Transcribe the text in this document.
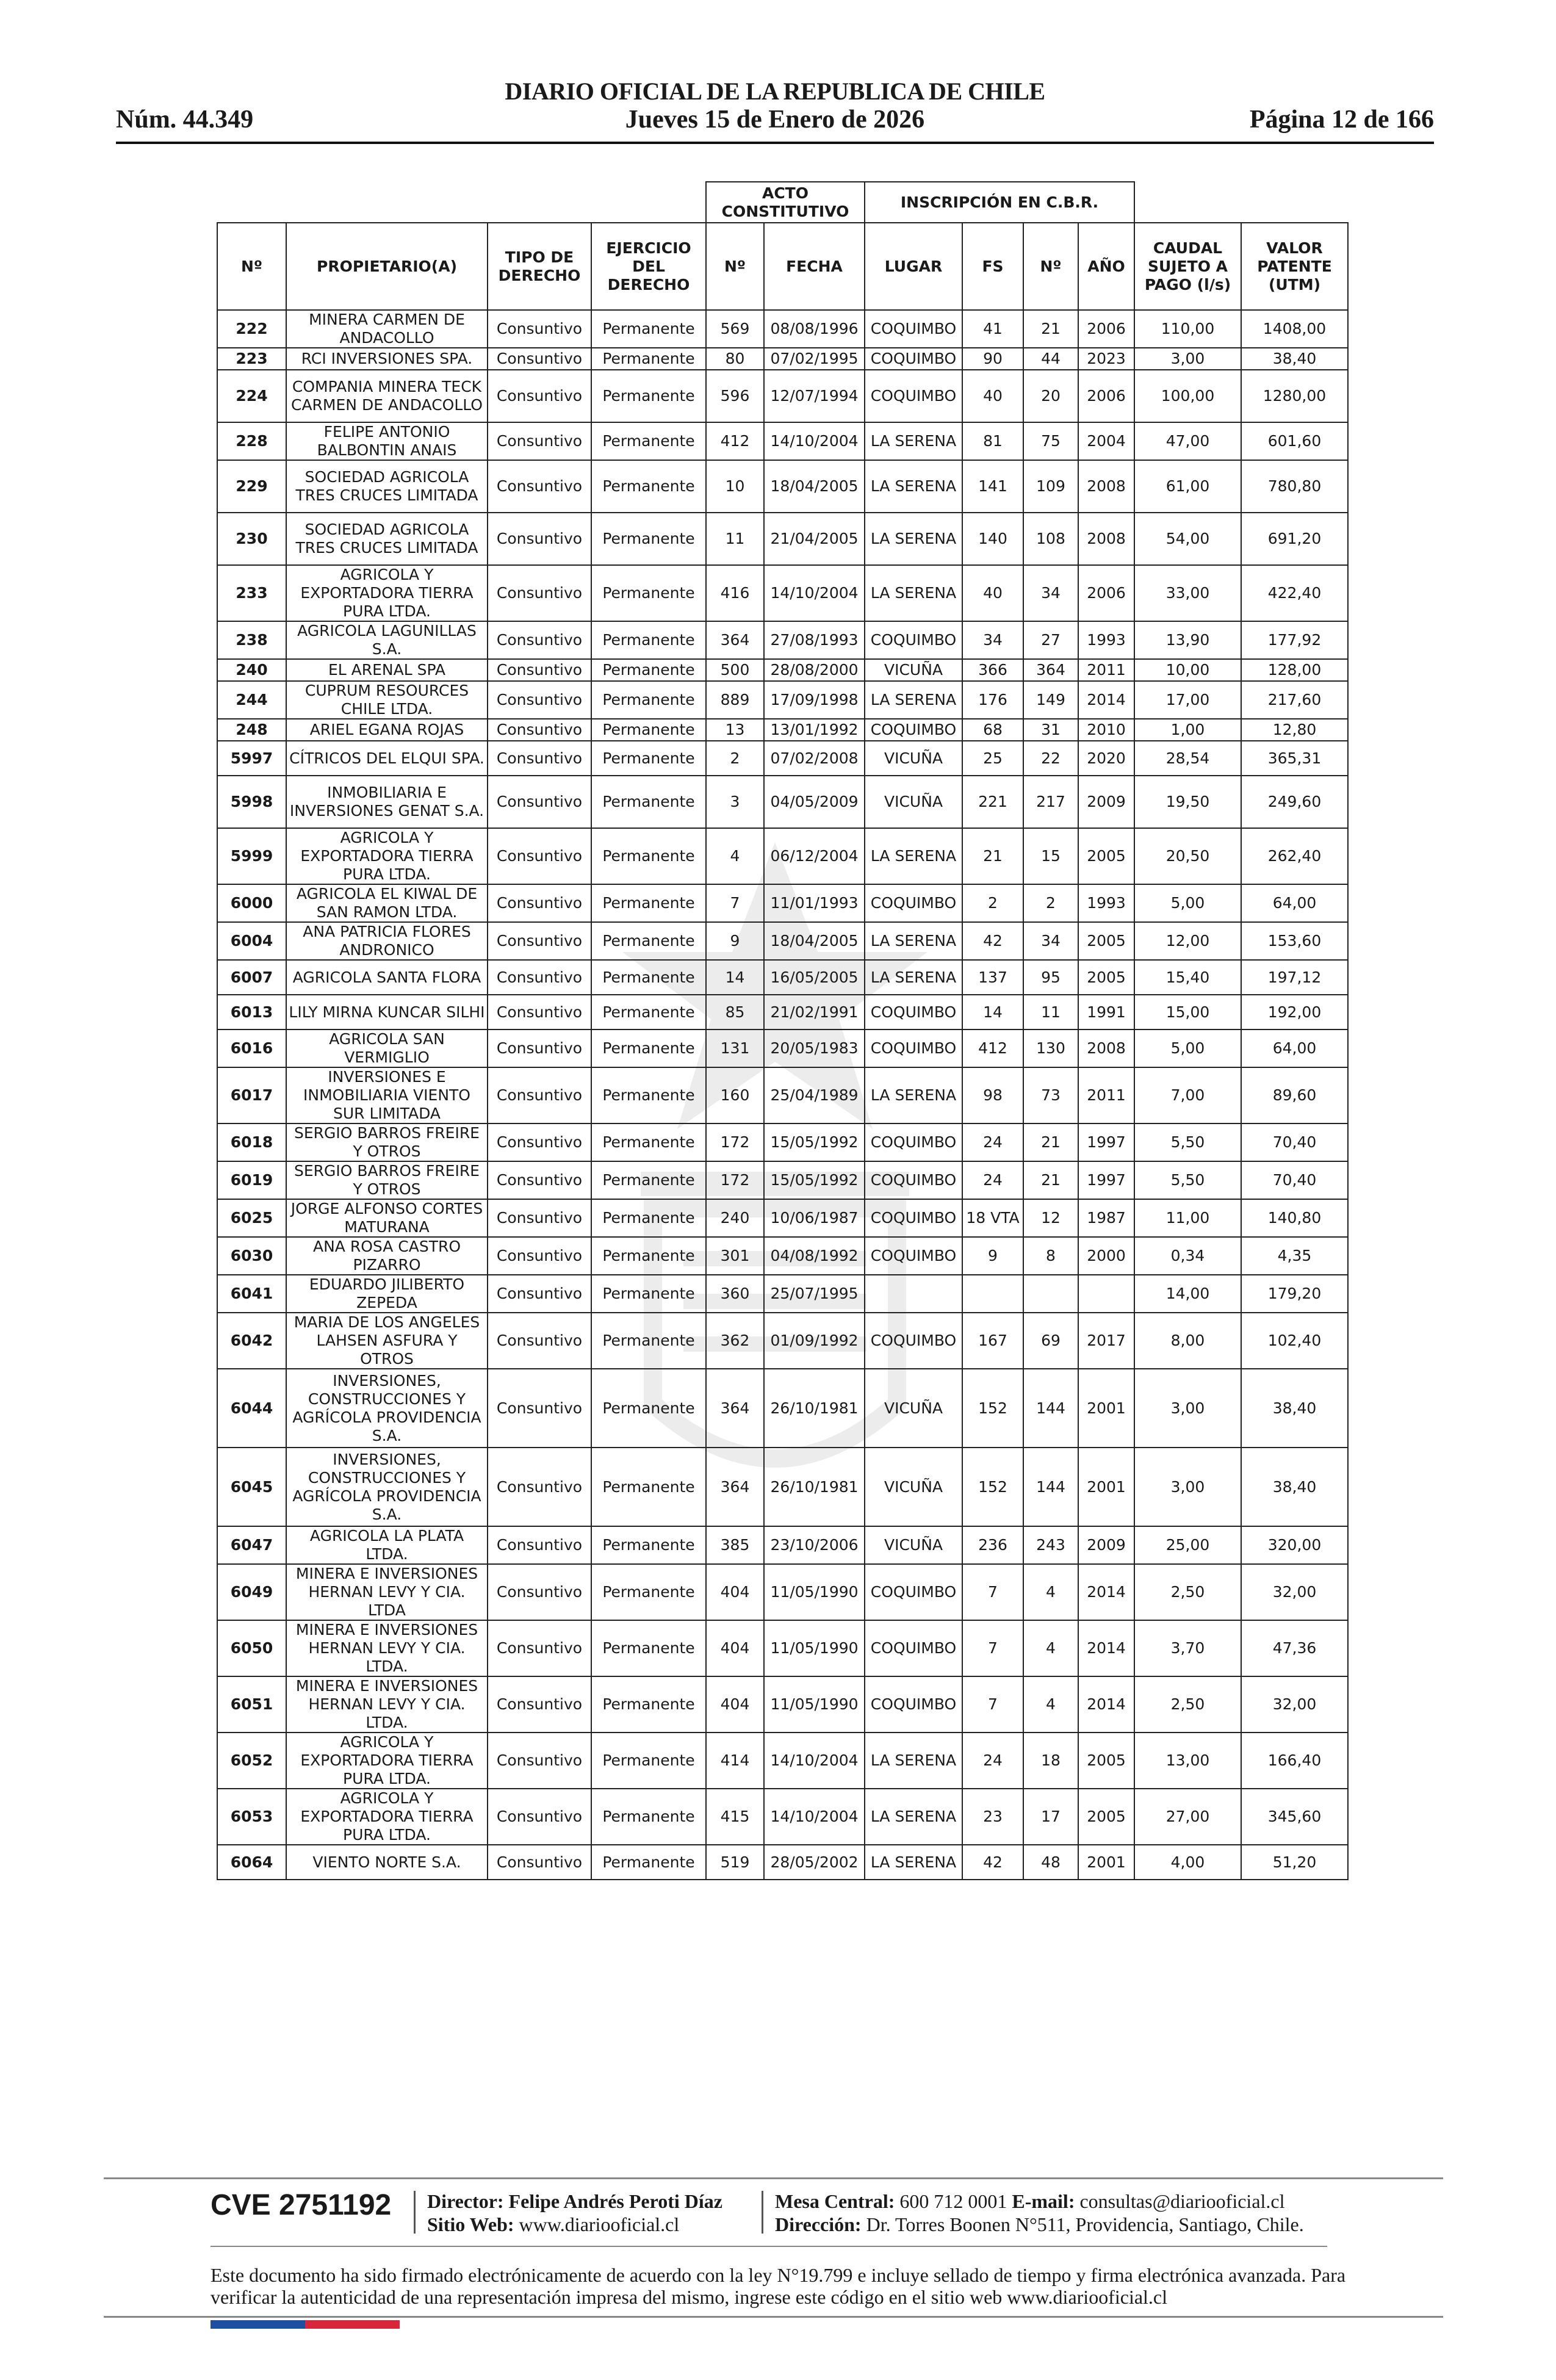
DIARIO OFICIAL DE LA REPUBLICA DE CHILE
Núm. 44.349	Jueves 15 de Enero de 2026	Página 12 de 166
				ACTO CONSTITUTIVO		INSCRIPCIÓN EN C.B.R.					
Nº	PROPIETARIO(A)	TIPO DE DERECHO	EJERCICIO DEL DERECHO	Nº	FECHA	LUGAR	FS	Nº	AÑO	CAUDAL SUJETO A PAGO (l/s)	VALOR PATENTE (UTM)
222	MINERA CARMEN DE ANDACOLLO	Consuntivo	Permanente	569	08/08/1996	COQUIMBO	41	21	2006	110,00	1408,00
223	RCI INVERSIONES SPA.	Consuntivo	Permanente	80	07/02/1995	COQUIMBO	90	44	2023	3,00	38,40
224	COMPANIA MINERA TECK CARMEN DE ANDACOLLO	Consuntivo	Permanente	596	12/07/1994	COQUIMBO	40	20	2006	100,00	1280,00
228	FELIPE ANTONIO BALBONTIN ANAIS	Consuntivo	Permanente	412	14/10/2004	LA SERENA	81	75	2004	47,00	601,60
229	SOCIEDAD AGRICOLA TRES CRUCES LIMITADA	Consuntivo	Permanente	10	18/04/2005	LA SERENA	141	109	2008	61,00	780,80
230	SOCIEDAD AGRICOLA TRES CRUCES LIMITADA	Consuntivo	Permanente	11	21/04/2005	LA SERENA	140	108	2008	54,00	691,20
233	AGRICOLA Y EXPORTADORA TIERRA PURA LTDA.	Consuntivo	Permanente	416	14/10/2004	LA SERENA	40	34	2006	33,00	422,40
238	AGRICOLA LAGUNILLAS S.A.	Consuntivo	Permanente	364	27/08/1993	COQUIMBO	34	27	1993	13,90	177,92
240	EL ARENAL SPA	Consuntivo	Permanente	500	28/08/2000	VICUÑA	366	364	2011	10,00	128,00
244	CUPRUM RESOURCES CHILE LTDA.	Consuntivo	Permanente	889	17/09/1998	LA SERENA	176	149	2014	17,00	217,60
248	ARIEL EGANA ROJAS	Consuntivo	Permanente	13	13/01/1992	COQUIMBO	68	31	2010	1,00	12,80
5997	CÍTRICOS DEL ELQUI SPA.	Consuntivo	Permanente	2	07/02/2008	VICUÑA	25	22	2020	28,54	365,31
5998	INMOBILIARIA E INVERSIONES GENAT S.A.	Consuntivo	Permanente	3	04/05/2009	VICUÑA	221	217	2009	19,50	249,60
5999	AGRICOLA Y EXPORTADORA TIERRA PURA LTDA.	Consuntivo	Permanente	4	06/12/2004	LA SERENA	21	15	2005	20,50	262,40
6000	AGRICOLA EL KIWAL DE SAN RAMON LTDA.	Consuntivo	Permanente	7	11/01/1993	COQUIMBO	2	2	1993	5,00	64,00
6004	ANA PATRICIA FLORES ANDRONICO	Consuntivo	Permanente	9	18/04/2005	LA SERENA	42	34	2005	12,00	153,60
6007	AGRICOLA SANTA FLORA	Consuntivo	Permanente	14	16/05/2005	LA SERENA	137	95	2005	15,40	197,12
6013	LILY MIRNA KUNCAR SILHI	Consuntivo	Permanente	85	21/02/1991	COQUIMBO	14	11	1991	15,00	192,00
6016	AGRICOLA SAN VERMIGLIO	Consuntivo	Permanente	131	20/05/1983	COQUIMBO	412	130	2008	5,00	64,00
6017	INVERSIONES E INMOBILIARIA VIENTO SUR LIMITADA	Consuntivo	Permanente	160	25/04/1989	LA SERENA	98	73	2011	7,00	89,60
6018	SERGIO BARROS FREIRE Y OTROS	Consuntivo	Permanente	172	15/05/1992	COQUIMBO	24	21	1997	5,50	70,40
6019	SERGIO BARROS FREIRE Y OTROS	Consuntivo	Permanente	172	15/05/1992	COQUIMBO	24	21	1997	5,50	70,40
6025	JORGE ALFONSO CORTES MATURANA	Consuntivo	Permanente	240	10/06/1987	COQUIMBO	18 VTA	12	1987	11,00	140,80
6030	ANA ROSA CASTRO PIZARRO	Consuntivo	Permanente	301	04/08/1992	COQUIMBO	9	8	2000	0,34	4,35
6041	EDUARDO JILIBERTO ZEPEDA	Consuntivo	Permanente	360	25/07/1995					14,00	179,20
6042	MARIA DE LOS ANGELES LAHSEN ASFURA Y OTROS	Consuntivo	Permanente	362	01/09/1992	COQUIMBO	167	69	2017	8,00	102,40
6044	INVERSIONES, CONSTRUCCIONES Y AGRÍCOLA PROVIDENCIA S.A.	Consuntivo	Permanente	364	26/10/1981	VICUÑA	152	144	2001	3,00	38,40
6045	INVERSIONES, CONSTRUCCIONES Y AGRÍCOLA PROVIDENCIA S.A.	Consuntivo	Permanente	364	26/10/1981	VICUÑA	152	144	2001	3,00	38,40
6047	AGRICOLA LA PLATA LTDA.	Consuntivo	Permanente	385	23/10/2006	VICUÑA	236	243	2009	25,00	320,00
6049	MINERA E INVERSIONES HERNAN LEVY Y CIA. LTDA	Consuntivo	Permanente	404	11/05/1990	COQUIMBO	7	4	2014	2,50	32,00
6050	MINERA E INVERSIONES HERNAN LEVY Y CIA. LTDA.	Consuntivo	Permanente	404	11/05/1990	COQUIMBO	7	4	2014	3,70	47,36
6051	MINERA E INVERSIONES HERNAN LEVY Y CIA. LTDA.	Consuntivo	Permanente	404	11/05/1990	COQUIMBO	7	4	2014	2,50	32,00
6052	AGRICOLA Y EXPORTADORA TIERRA PURA LTDA.	Consuntivo	Permanente	414	14/10/2004	LA SERENA	24	18	2005	13,00	166,40
6053	AGRICOLA Y EXPORTADORA TIERRA PURA LTDA.	Consuntivo	Permanente	415	14/10/2004	LA SERENA	23	17	2005	27,00	345,60
6064	VIENTO NORTE S.A.	Consuntivo	Permanente	519	28/05/2002	LA SERENA	42	48	2001	4,00	51,20
CVE 2751192 Director: Felipe Andrés Peroti Díaz
Sitio Web: www.diariooficial.cl
Mesa Central: 600 712 0001 E-mail: consultas@diariooficial.cl
Dirección: Dr. Torres Boonen N°511, Providencia, Santiago, Chile.
Este documento ha sido firmado electrónicamente de acuerdo con la ley N°19.799 e incluye sellado de tiempo y firma electrónica avanzada. Para verificar la autenticidad de una representación impresa del mismo, ingrese este código en el sitio web www.diariooficial.cl
